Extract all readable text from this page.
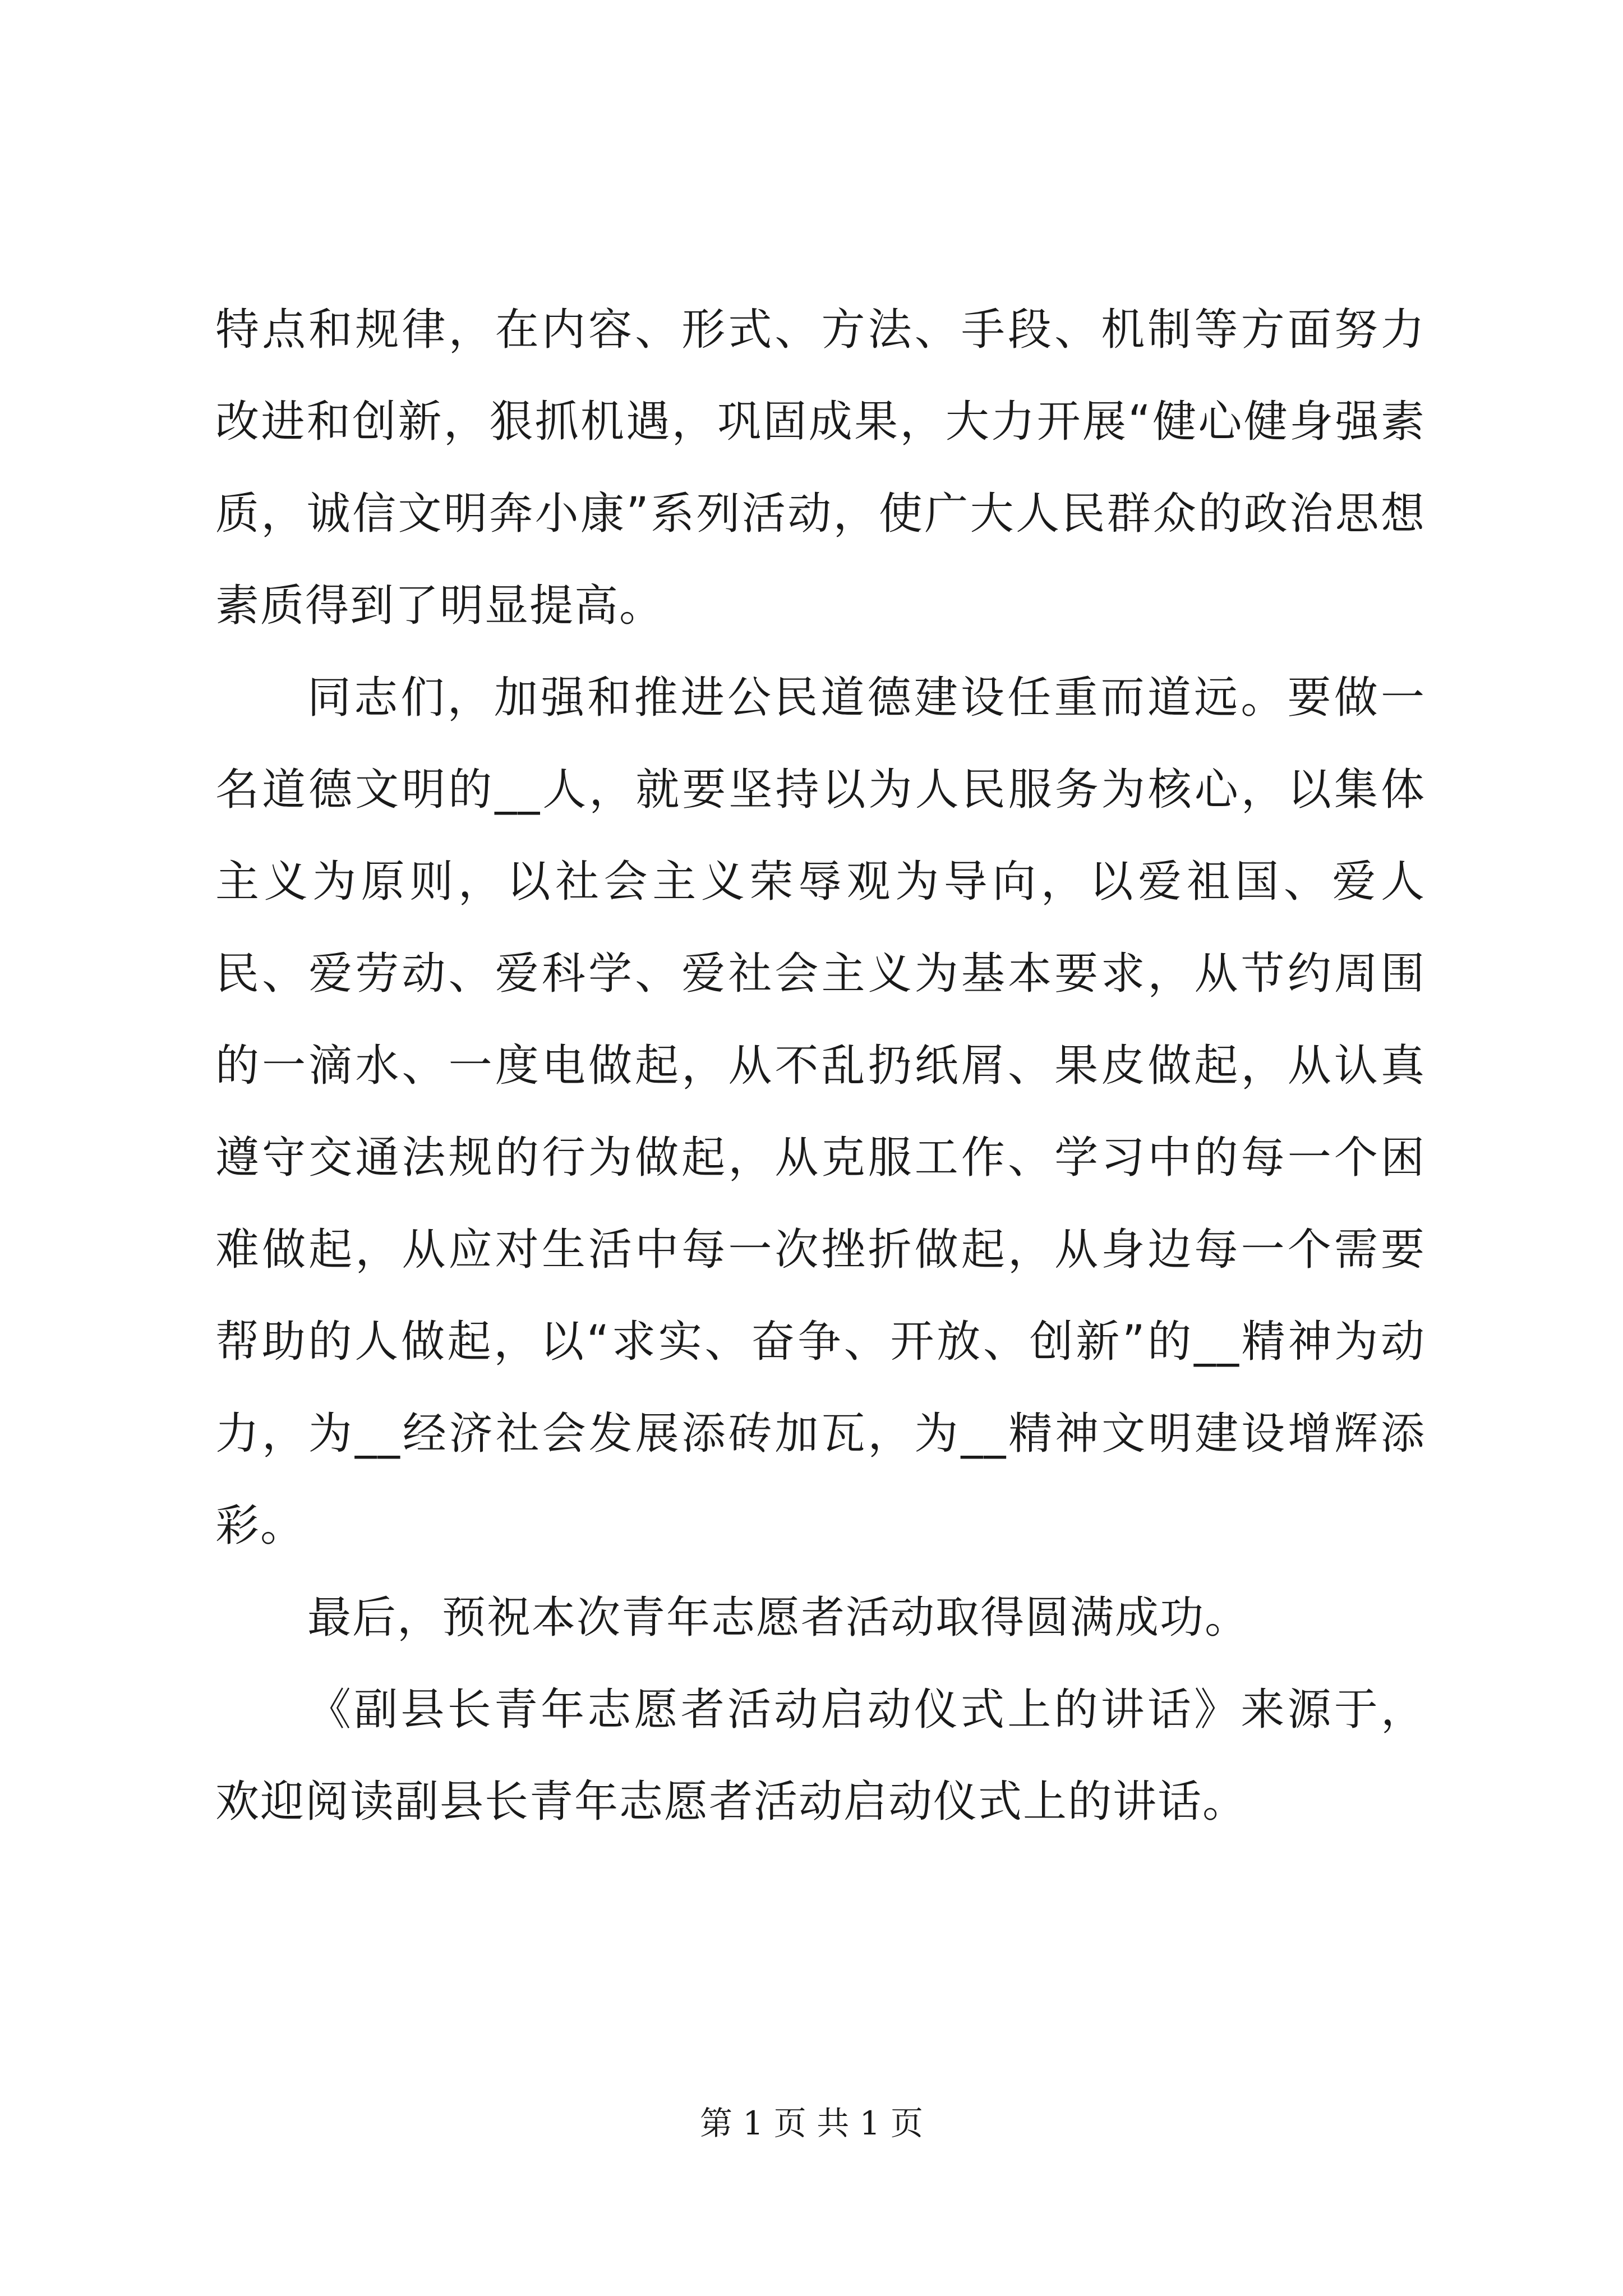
特点和规律，在内容、形式、方法、手段、机制等方面努力改进和创新，狠抓机遇，巩固成果，大力开展“健心健身强素质，诚信文明奔小康”系列活动，使广大人民群众的政治思想素质得到了明显提高。

同志们，加强和推进公民道德建设任重而道远。要做一名道德文明的__人，就要坚持以为人民服务为核心，以集体主义为原则，以社会主义荣辱观为导向，以爱祖国、爱人民、爱劳动、爱科学、爱社会主义为基本要求，从节约周围的一滴水、一度电做起，从不乱扔纸屑、果皮做起，从认真遵守交通法规的行为做起，从克服工作、学习中的每一个困难做起，从应对生活中每一次挫折做起，从身边每一个需要帮助的人做起，以“求实、奋争、开放、创新”的__精神为动力，为__经济社会发展添砖加瓦，为__精神文明建设增辉添彩。

最后，预祝本次青年志愿者活动取得圆满成功。

《副县长青年志愿者活动启动仪式上的讲话》来源于，欢迎阅读副县长青年志愿者活动启动仪式上的讲话。

第 1 页 共 1 页
